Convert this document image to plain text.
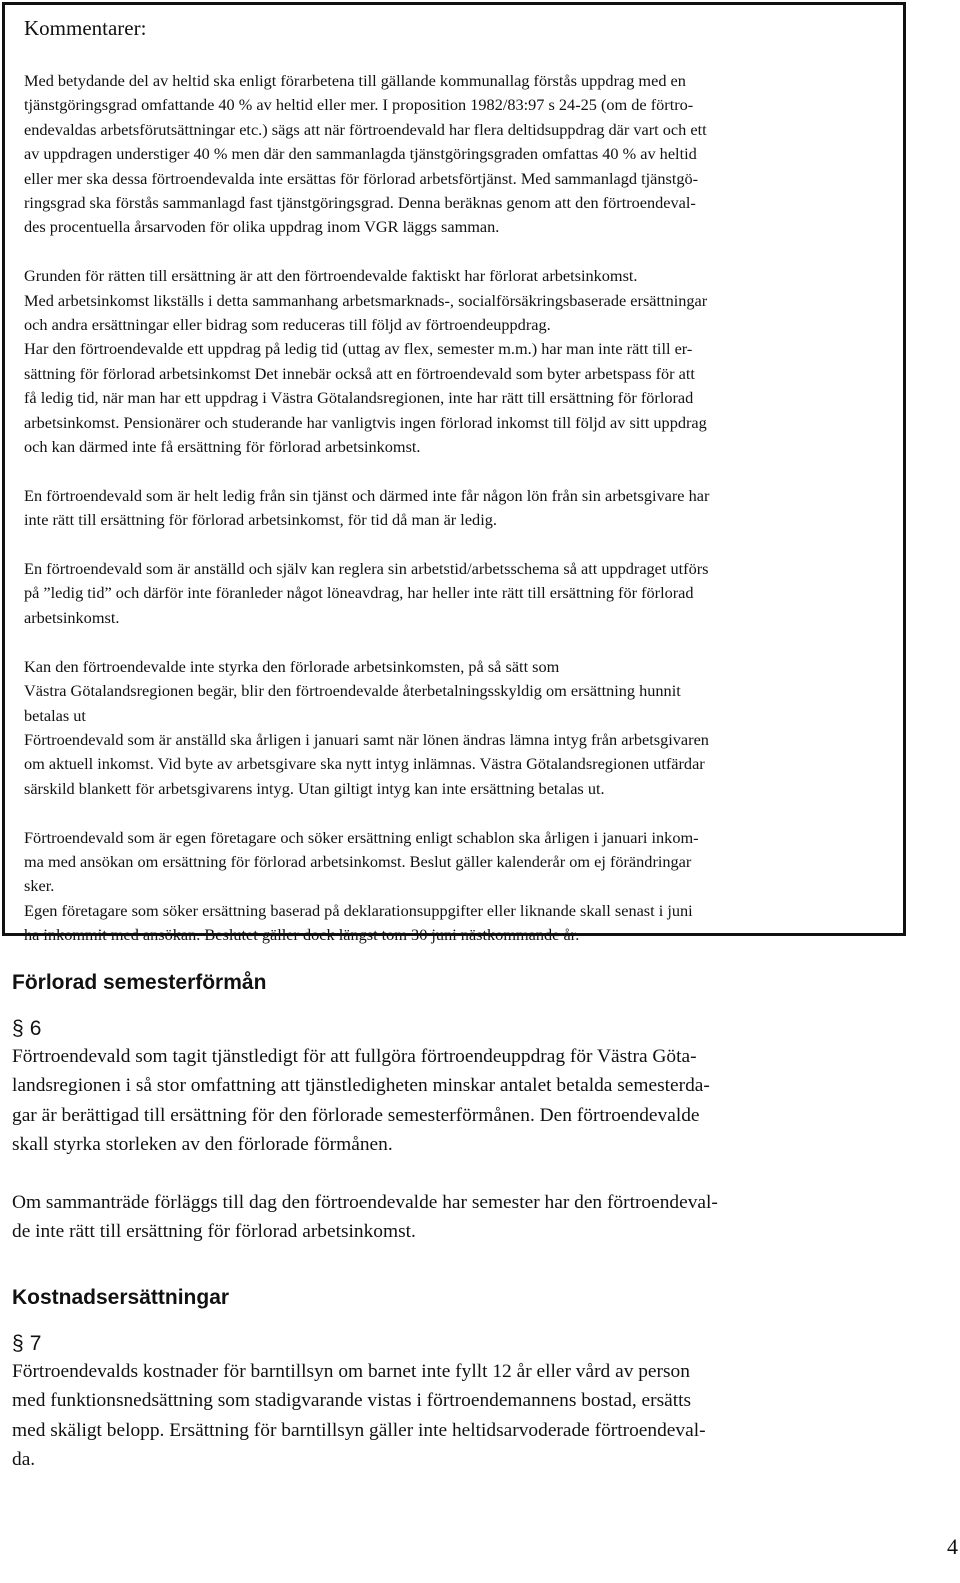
Kommentarer:
Med betydande del av heltid ska enligt förarbetena till gällande kommunallag förstås uppdrag med en
tjänstgöringsgrad omfattande 40 % av heltid eller mer. I proposition 1982/83:97 s 24-25 (om de förtro-
endevaldas arbetsförutsättningar etc.) sägs att när förtroendevald har flera deltidsuppdrag där vart och ett
av uppdragen understiger 40 % men där den sammanlagda tjänstgöringsgraden omfattas 40 % av heltid
eller mer ska dessa förtroendevalda inte ersättas för förlorad arbetsförtjänst. Med sammanlagd tjänstgö-
ringsgrad ska förstås sammanlagd fast tjänstgöringsgrad. Denna beräknas genom att den förtroendeval-
des procentuella årsarvoden för olika uppdrag inom VGR läggs samman.
Grunden för rätten till ersättning är att den förtroendevalde faktiskt har förlorat arbetsinkomst.
Med arbetsinkomst likställs i detta sammanhang arbetsmarknads-, socialförsäkringsbaserade ersättningar
och andra ersättningar eller bidrag som reduceras till följd av förtroendeuppdrag.
Har den förtroendevalde ett uppdrag på ledig tid (uttag av flex, semester m.m.) har man inte rätt till er-
sättning för förlorad arbetsinkomst Det innebär också att en förtroendevald som byter arbetspass för att
få ledig tid, när man har ett uppdrag i Västra Götalandsregionen, inte har rätt till ersättning för förlorad
arbetsinkomst. Pensionärer och studerande har vanligtvis ingen förlorad inkomst till följd av sitt uppdrag
och kan därmed inte få ersättning för förlorad arbetsinkomst.
En förtroendevald som är helt ledig från sin tjänst och därmed inte får någon lön från sin arbetsgivare har
inte rätt till ersättning för förlorad arbetsinkomst, för tid då man är ledig.
En förtroendevald som är anställd och själv kan reglera sin arbetstid/arbetsschema så att uppdraget utförs
på ”ledig tid” och därför inte föranleder något löneavdrag, har heller inte rätt till ersättning för förlorad
arbetsinkomst.
Kan den förtroendevalde inte styrka den förlorade arbetsinkomsten, på så sätt som
Västra Götalandsregionen begär, blir den förtroendevalde återbetalningsskyldig om ersättning hunnit
betalas ut
Förtroendevald som är anställd ska årligen i januari samt när lönen ändras lämna intyg från arbetsgivaren
om aktuell inkomst. Vid byte av arbetsgivare ska nytt intyg inlämnas. Västra Götalandsregionen utfärdar
särskild blankett för arbetsgivarens intyg. Utan giltigt intyg kan inte ersättning betalas ut.
Förtroendevald som är egen företagare och söker ersättning enligt schablon ska årligen i januari inkom-
ma med ansökan om ersättning för förlorad arbetsinkomst. Beslut gäller kalenderår om ej förändringar
sker.
Egen företagare som söker ersättning baserad på deklarationsuppgifter eller liknande skall senast i juni
ha inkommit med ansökan. Beslutet gäller dock längst tom 30 juni nästkommande år.
Förlorad semesterförmån
§ 6
Förtroendevald som tagit tjänstledigt för att fullgöra förtroendeuppdrag för Västra Göta-
landsregionen i så stor omfattning att tjänstledigheten minskar antalet betalda semesterda-
gar är berättigad till ersättning för den förlorade semesterförmånen. Den förtroendevalde
skall styrka storleken av den förlorade förmånen.
Om sammanträde förläggs till dag den förtroendevalde har semester har den förtroendeval-
de inte rätt till ersättning för förlorad arbetsinkomst.
Kostnadsersättningar
§ 7
Förtroendevalds kostnader för barntillsyn om barnet inte fyllt 12 år eller vård av person
med funktionsnedsättning som stadigvarande vistas i förtroendemannens bostad, ersätts
med skäligt belopp. Ersättning för barntillsyn gäller inte heltidsarvoderade förtroendeval-
da.
4
